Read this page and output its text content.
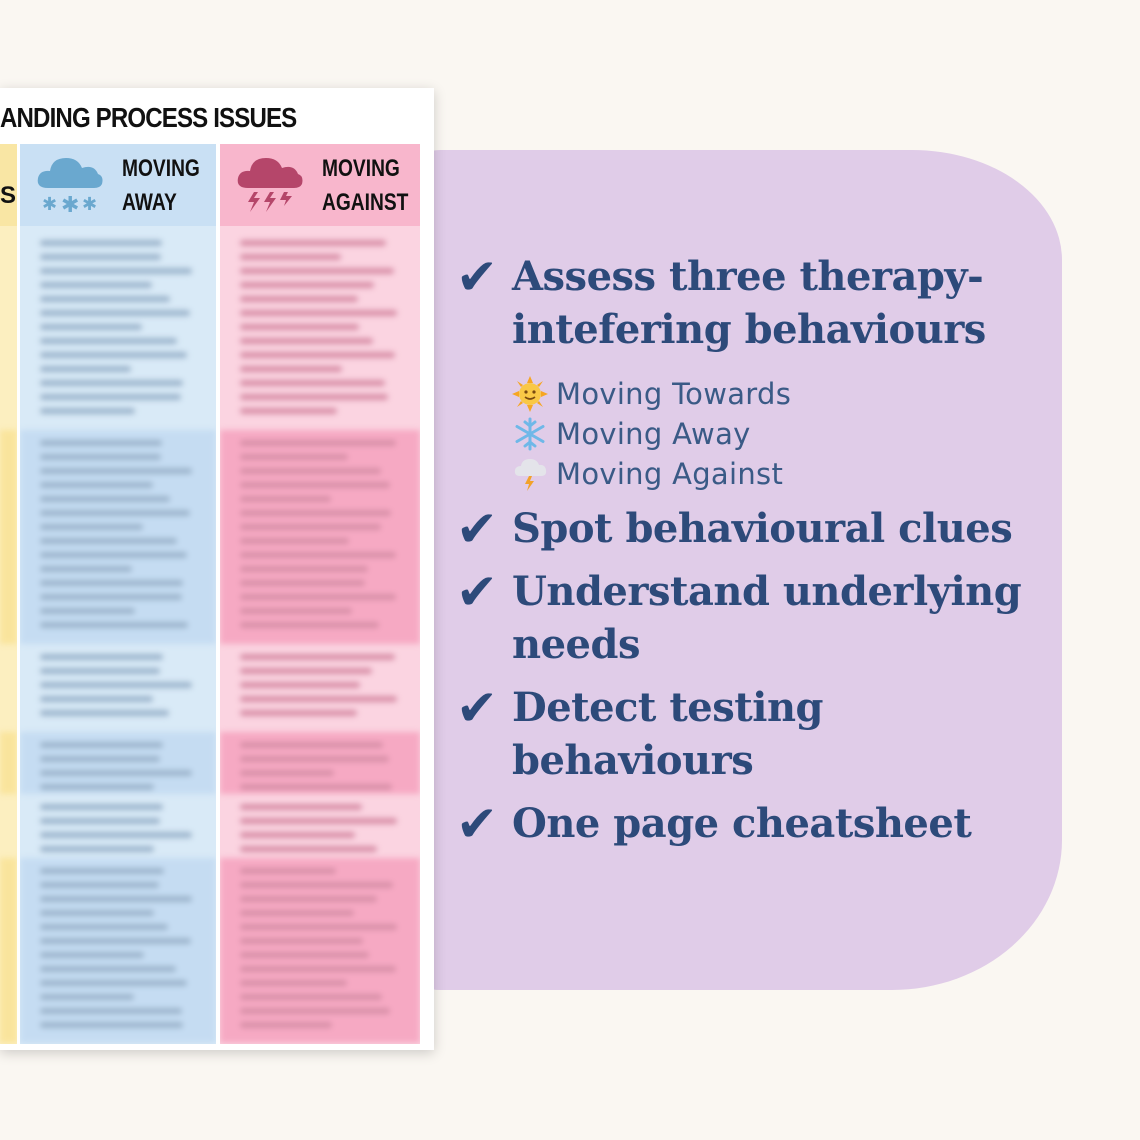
ANDING PROCESS ISSUES
S ✱ ✱ ✱
MOVING
AWAY
MOVING
AGAINST
✔ Assess three therapy-intefering behaviours
Moving Towards
Moving Away
Moving Against
✔ Spot behavioural clues
✔ Understand underlying needs
✔ Detect testing behaviours
✔ One page cheatsheet
